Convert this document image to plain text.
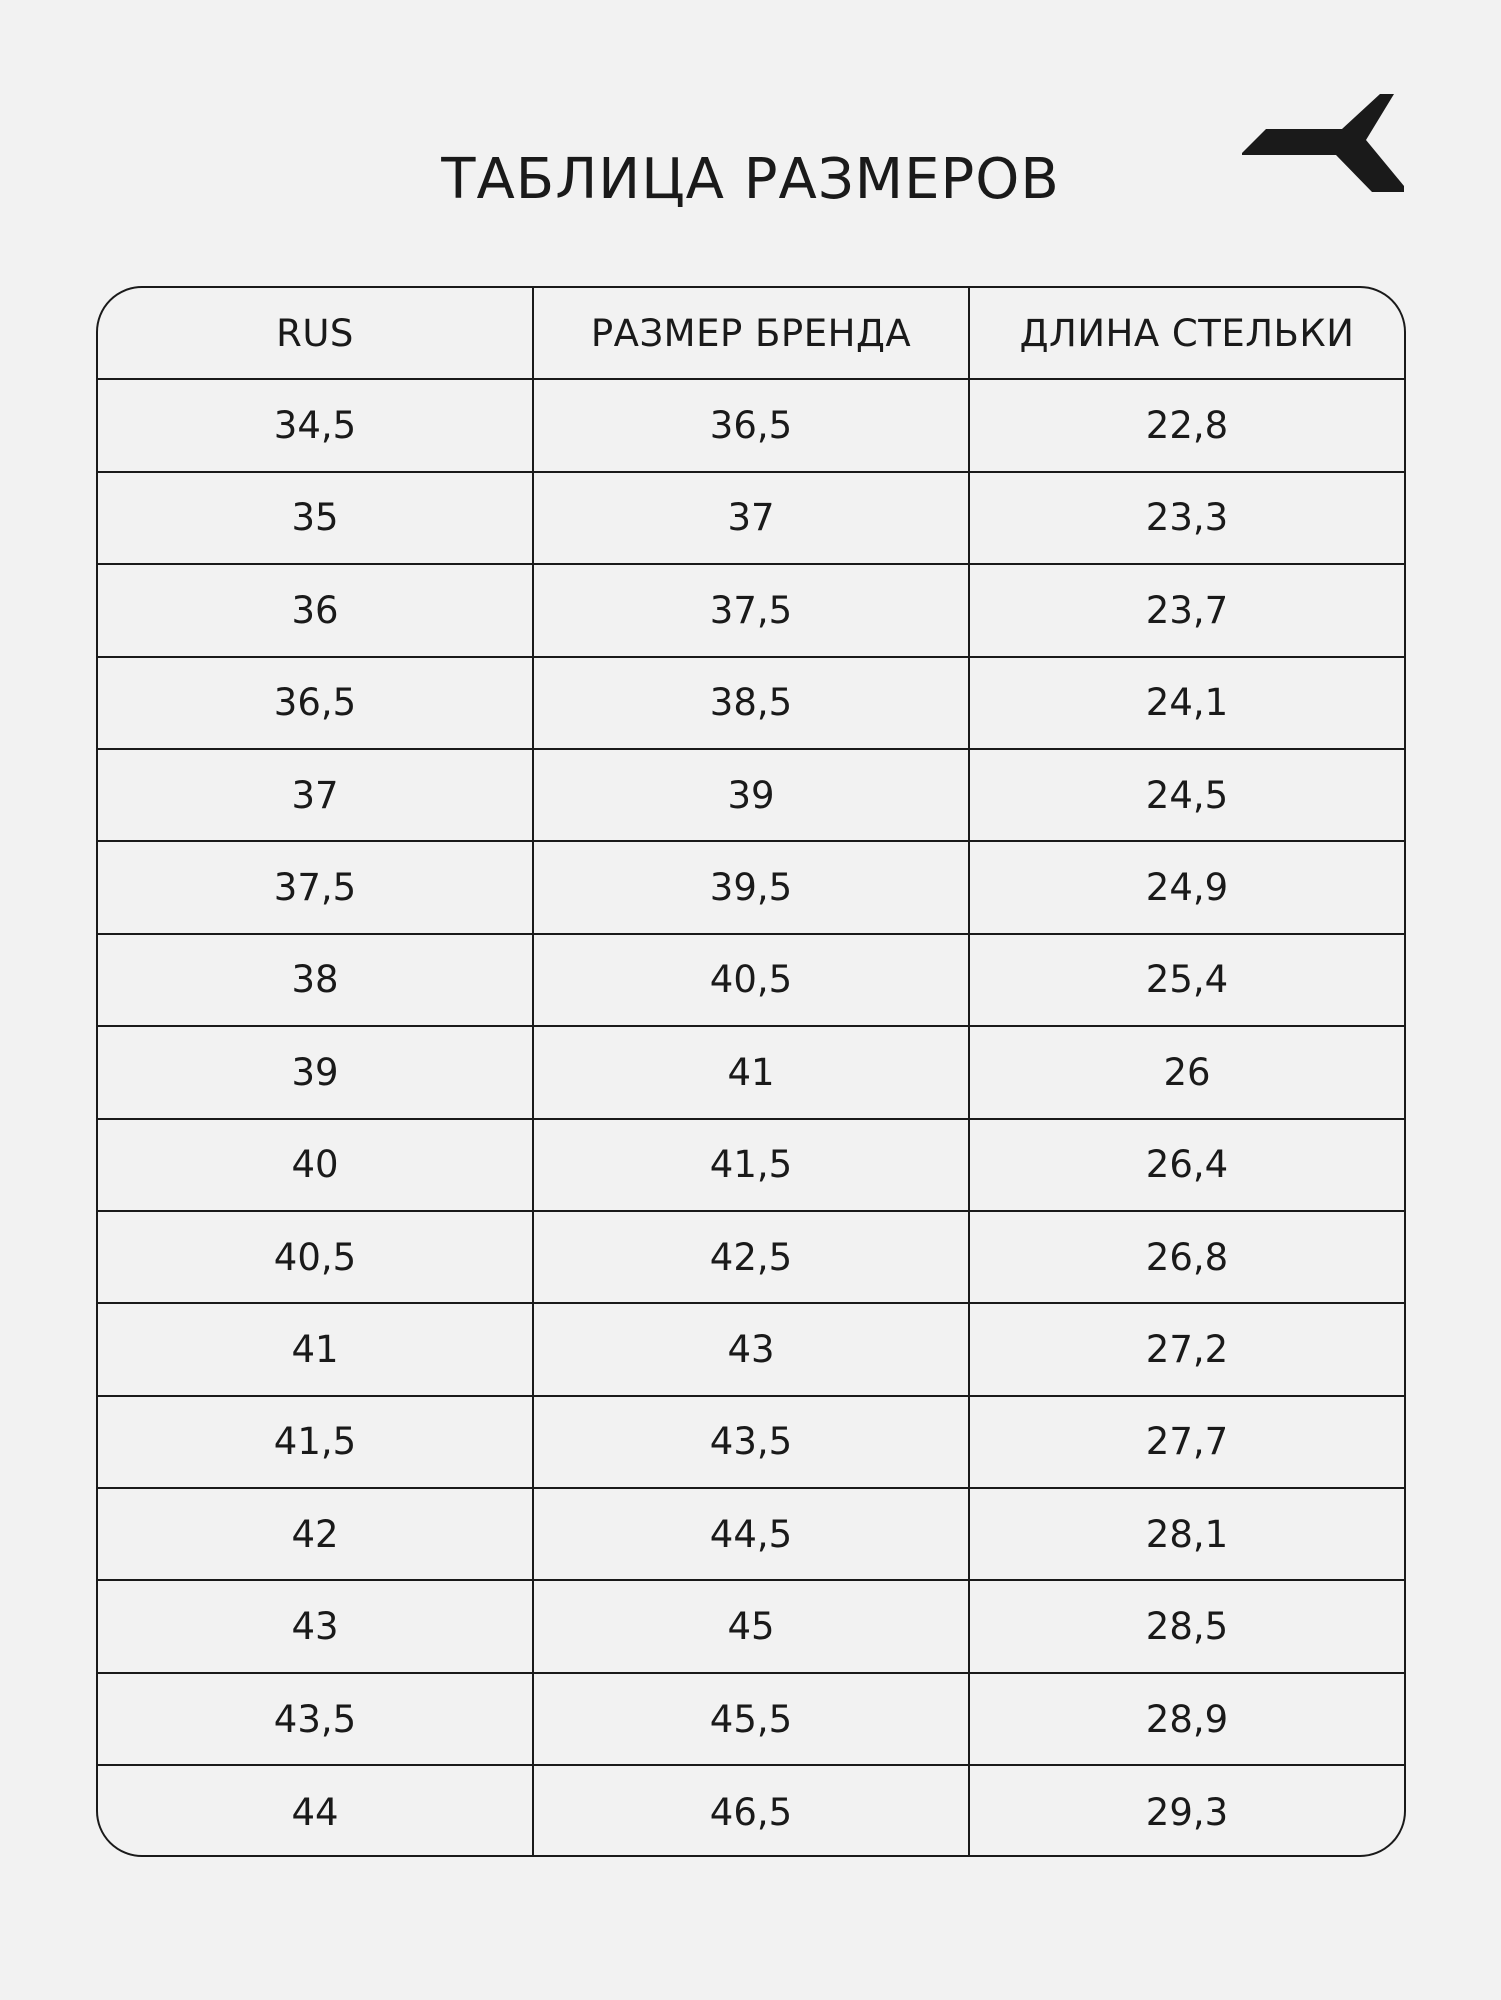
ТАБЛИЦА РАЗМЕРОВ
RUS	РАЗМЕР БРЕНДА	ДЛИНА СТЕЛЬКИ
34,5	36,5	22,8
35	37	23,3
36	37,5	23,7
36,5	38,5	24,1
37	39	24,5
37,5	39,5	24,9
38	40,5	25,4
39	41	26
40	41,5	26,4
40,5	42,5	26,8
41	43	27,2
41,5	43,5	27,7
42	44,5	28,1
43	45	28,5
43,5	45,5	28,9
44	46,5	29,3
